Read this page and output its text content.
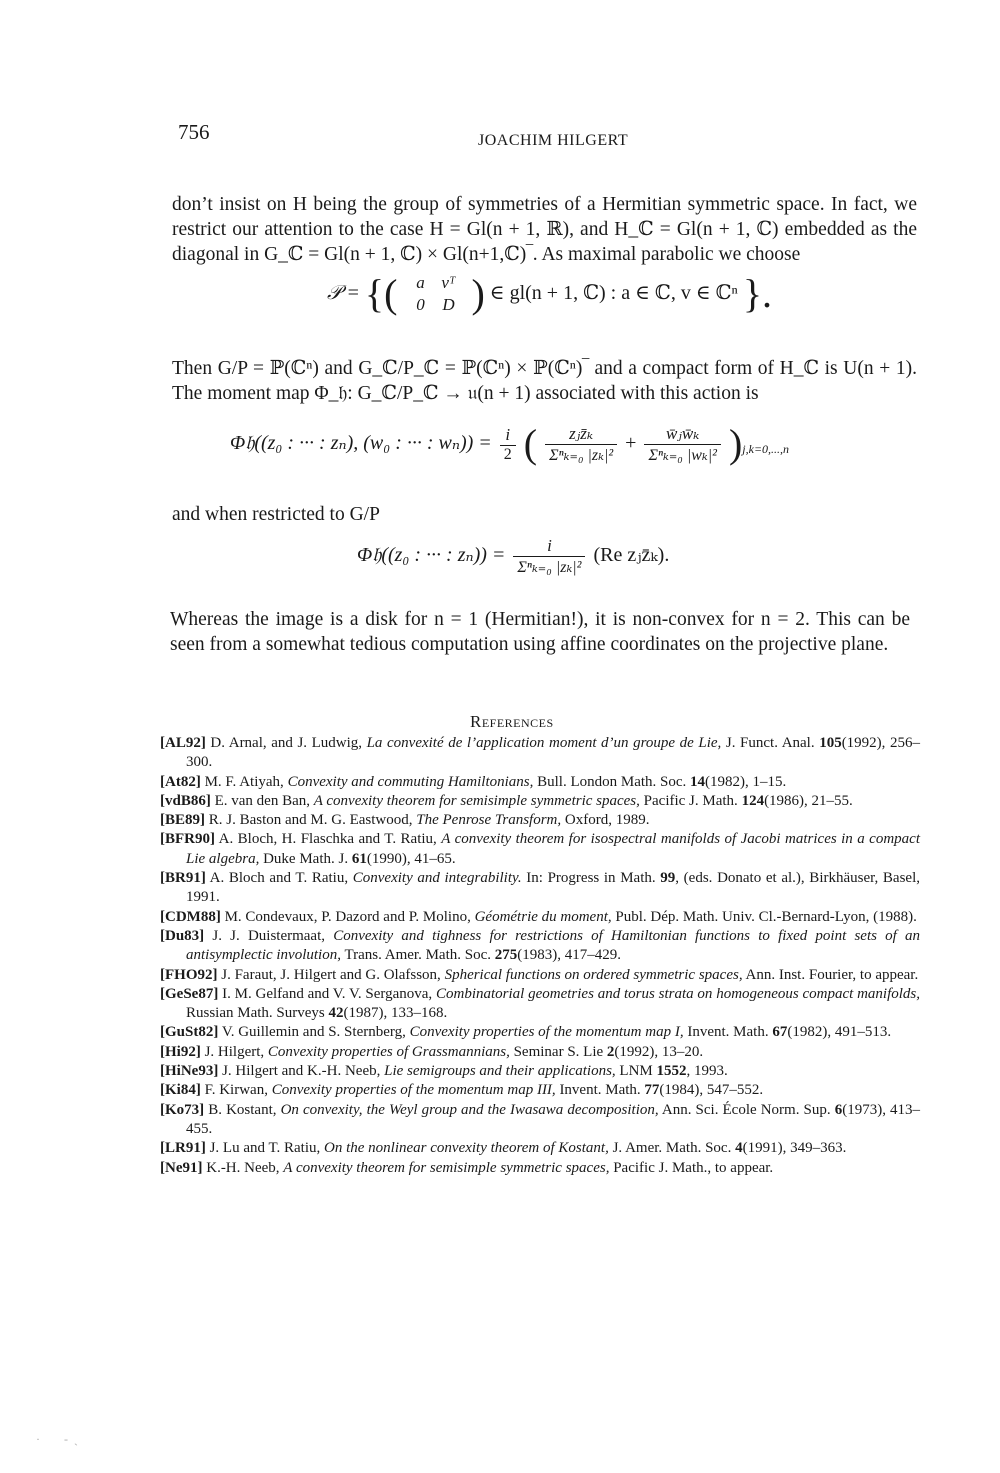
756	JOACHIM HILGERT

don’t insist on H being the group of symmetries of a Hermitian symmetric space. In fact, we restrict our attention to the case H = Gl(n + 1, ℝ), and H_ℂ = Gl(n + 1, ℂ) embedded as the diagonal in G_ℂ = Gl(n + 1, ℂ) × Gl(n+1,ℂ)‾. As maximal parabolic we choose

𝒫 = {( a vᵀ
0 D ) ∈ gl(n + 1, ℂ) : a ∈ ℂ, v ∈ ℂⁿ }.

Then G/P = ℙ(ℂⁿ) and G_ℂ/P_ℂ = ℙ(ℂⁿ) × ℙ(ℂⁿ)‾ and a compact form of H_ℂ is U(n + 1). The moment map Φ_𝔥: G_ℂ/P_ℂ → 𝔲(n + 1) associated with this action is

Φ𝔥((z₀ : ··· : zₙ), (w₀ : ··· : $w_n)) = \frac{i}{2}$ ( $\frac{\text{zⱼz̄ₖ}}{\text{Σⁿₖ₌₀ |zₖ|²}} + \frac{\text{w̄ⱼw̄ₖ}}{\text{Σⁿₖ₌₀ |wₖ|²}} )_{j,k=0,...,n}$

and when restricted to G/P

Φ𝔥((z₀ : ··· : $z_n)) = \frac{i}{\text{Σⁿₖ₌₀ |zₖ|²}} (Re$ zⱼz̄ₖ).

Whereas the image is a disk for n = 1 (Hermitian!), it is non-convex for n = 2. This can be seen from a somewhat tedious computation using affine coordinates on the projective plane.

References

[AL92] D. Arnal, and J. Ludwig, La convexité de l’application moment d’un groupe de Lie, J. Funct. Anal. 105(1992), 256–300.

[At82] M. F. Atiyah, Convexity and commuting Hamiltonians, Bull. London Math. Soc. 14(1982), 1–15.

[vdB86] E. van den Ban, A convexity theorem for semisimple symmetric spaces, Pacific J. Math. 124(1986), 21–55.

[BE89] R. J. Baston and M. G. Eastwood, The Penrose Transform, Oxford, 1989.

[BFR90] A. Bloch, H. Flaschka and T. Ratiu, A convexity theorem for isospectral manifolds of Jacobi matrices in a compact Lie algebra, Duke Math. J. 61(1990), 41–65.

[BR91] A. Bloch and T. Ratiu, Convexity and integrability. In: Progress in Math. 99, (eds. Donato et al.), Birkhäuser, Basel, 1991.

[CDM88] M. Condevaux, P. Dazord and P. Molino, Géométrie du moment, Publ. Dép. Math. Univ. Cl.-Bernard-Lyon, (1988).

[Du83] J. J. Duistermaat, Convexity and tighness for restrictions of Hamiltonian functions to fixed point sets of an antisymplectic involution, Trans. Amer. Math. Soc. 275(1983), 417–429.

[FHO92] J. Faraut, J. Hilgert and G. Olafsson, Spherical functions on ordered symmetric spaces, Ann. Inst. Fourier, to appear.

[GeSe87] I. M. Gelfand and V. V. Serganova, Combinatorial geometries and torus strata on homogeneous compact manifolds, Russian Math. Surveys 42(1987), 133–168.

[GuSt82] V. Guillemin and S. Sternberg, Convexity properties of the momentum map I, Invent. Math. 67(1982), 491–513.

[Hi92] J. Hilgert, Convexity properties of Grassmannians, Seminar S. Lie 2(1992), 13–20.

[HiNe93] J. Hilgert and K.-H. Neeb, Lie semigroups and their applications, LNM 1552, 1993.

[Ki84] F. Kirwan, Convexity properties of the momentum map III, Invent. Math. 77(1984), 547–552.

[Ko73] B. Kostant, On convexity, the Weyl group and the Iwasawa decomposition, Ann. Sci. École Norm. Sup. 6(1973), 413–455.

[LR91] J. Lu and T. Ratiu, On the nonlinear convexity theorem of Kostant, J. Amer. Math. Soc. 4(1991), 349–363.

[Ne91] K.-H. Neeb, A convexity theorem for semisimple symmetric spaces, Pacific J. Math., to appear.

·        ‐  ˏ
